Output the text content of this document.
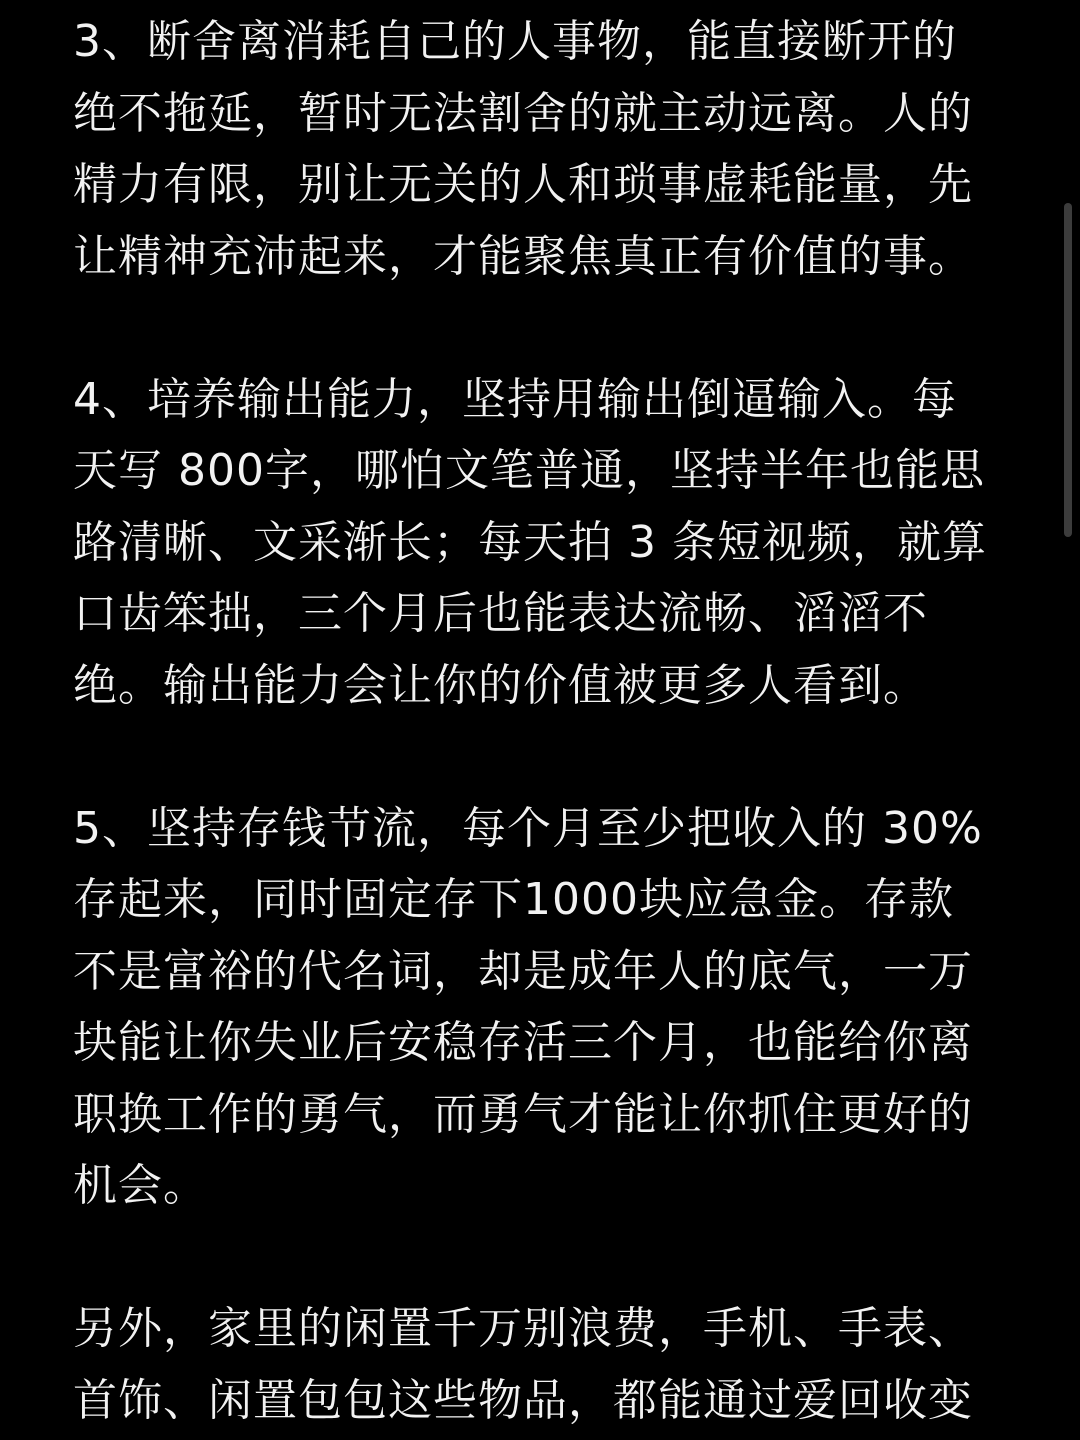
3、断舍离消耗自己的人事物，能直接断开的
绝不拖延，暂时无法割舍的就主动远离。人的
精力有限，别让无关的人和琐事虚耗能量，先
让精神充沛起来，才能聚焦真正有价值的事。

4、培养输出能力，坚持用输出倒逼输入。每
天写 800字，哪怕文笔普通，坚持半年也能思
路清晰、文采渐长；每天拍 3 条短视频，就算
口齿笨拙，三个月后也能表达流畅、滔滔不
绝。输出能力会让你的价值被更多人看到。

5、坚持存钱节流，每个月至少把收入的 30%
存起来，同时固定存下1000块应急金。存款
不是富裕的代名词，却是成年人的底气，一万
块能让你失业后安稳存活三个月，也能给你离
职换工作的勇气，而勇气才能让你抓住更好的
机会。

另外，家里的闲置千万别浪费，手机、手表、
首饰、闲置包包这些物品，都能通过爱回收变
